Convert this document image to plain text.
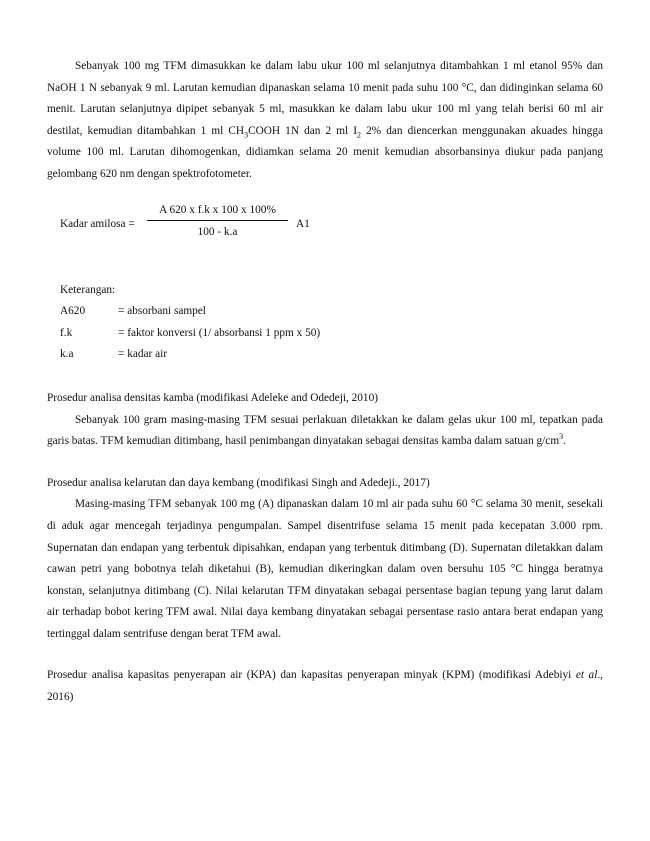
Sebanyak 100 mg TFM dimasukkan ke dalam labu ukur 100 ml selanjutnya ditambahkan 1 ml etanol 95% dan NaOH 1 N sebanyak 9 ml. Larutan kemudian dipanaskan selama 10 menit pada suhu 100 °C, dan didinginkan selama 60 menit. Larutan selanjutnya dipipet sebanyak 5 ml, masukkan ke dalam labu ukur 100 ml yang telah berisi 60 ml air destilat, kemudian ditambahkan 1 ml $CH_3COOH$ 1N dan 2 ml $I_2$ 2% dan diencerkan menggunakan akuades hingga volume 100 ml. Larutan dihomogenkan, didiamkan selama 20 menit kemudian absorbansinya diukur pada panjang gelombang 620 nm dengan spektrofotometer.

Kadar amilosa =
A 620 x f.k x 100 x 100%
100 - k.a
A1
Keterangan:
A620	= absorbani sampel
f.k	= faktor konversi (1/ absorbansi 1 ppm x 50)
k.a	= kadar air

Prosedur analisa densitas kamba (modifikasi Adeleke and Odedeji, 2010)

Sebanyak 100 gram masing-masing TFM sesuai perlakuan diletakkan ke dalam gelas ukur 100 ml, tepatkan pada garis batas. TFM kemudian ditimbang, hasil penimbangan dinyatakan sebagai densitas kamba dalam satuan $g/cm^3$.

Prosedur analisa kelarutan dan daya kembang (modifikasi Singh and Adedeji., 2017)

Masing-masing TFM sebanyak 100 mg (A) dipanaskan dalam 10 ml air pada suhu 60 °C selama 30 menit, sesekali di aduk agar mencegah terjadinya pengumpalan. Sampel disentrifuse selama 15 menit pada kecepatan 3.000 rpm. Supernatan dan endapan yang terbentuk dipisahkan, endapan yang terbentuk ditimbang (D). Supernatan diletakkan dalam cawan petri yang bobotnya telah diketahui (B), kemudian dikeringkan dalam oven bersuhu 105 °C hingga beratnya konstan, selanjutnya ditimbang (C). Nilai kelarutan TFM dinyatakan sebagai persentase bagian tepung yang larut dalam air terhadap bobot kering TFM awal. Nilai daya kembang dinyatakan sebagai persentase rasio antara berat endapan yang tertinggal dalam sentrifuse dengan berat TFM awal.

Prosedur analisa kapasitas penyerapan air (KPA) dan kapasitas penyerapan minyak (KPM) (modifikasi Adebiyi et al., 2016)
